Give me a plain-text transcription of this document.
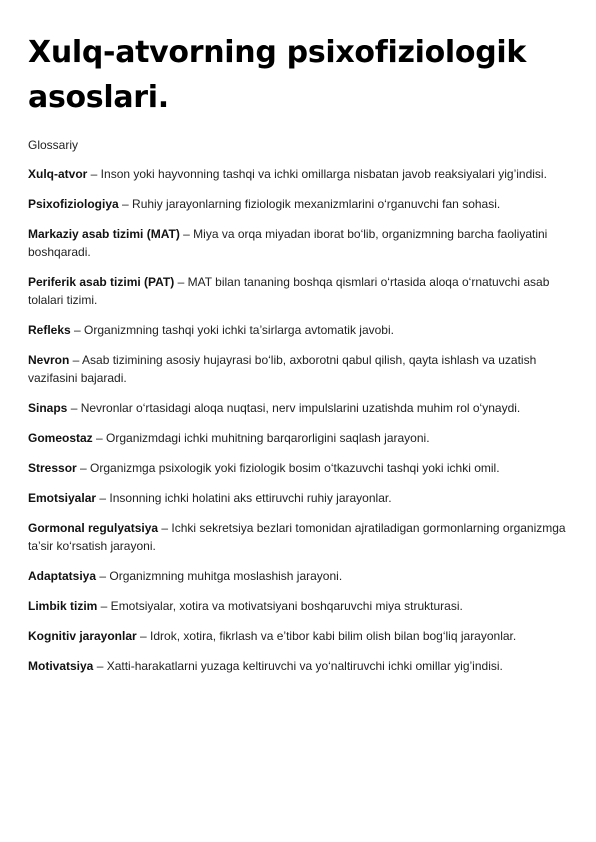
Xulq-atvorning psixofiziologik asoslari.

Glossariy

Xulq-atvor – Inson yoki hayvonning tashqi va ichki omillarga nisbatan javob reaksiyalari yig’indisi.
Psixofiziologiya – Ruhiy jarayonlarning fiziologik mexanizmlarini o‘rganuvchi fan sohasi.
Markaziy asab tizimi (MAT) – Miya va orqa miyadan iborat bo‘lib, organizmning barcha faoliyatini boshqaradi.
Periferik asab tizimi (PAT) – MAT bilan tananing boshqa qismlari o‘rtasida aloqa o‘rnatuvchi asab tolalari tizimi.
Refleks – Organizmning tashqi yoki ichki ta’sirlarga avtomatik javobi.
Nevron – Asab tizimining asosiy hujayrasi bo‘lib, axborotni qabul qilish, qayta ishlash va uzatish vazifasini bajaradi.
Sinaps – Nevronlar o‘rtasidagi aloqa nuqtasi, nerv impulslarini uzatishda muhim rol o‘ynaydi.
Gomeostaz – Organizmdagi ichki muhitning barqarorligini saqlash jarayoni.
Stressor – Organizmga psixologik yoki fiziologik bosim o‘tkazuvchi tashqi yoki ichki omil.
Emotsiyalar – Insonning ichki holatini aks ettiruvchi ruhiy jarayonlar.
Gormonal regulyatsiya – Ichki sekretsiya bezlari tomonidan ajratiladigan gormonlarning organizmga ta’sir ko‘rsatish jarayoni.
Adaptatsiya – Organizmning muhitga moslashish jarayoni.
Limbik tizim – Emotsiyalar, xotira va motivatsiyani boshqaruvchi miya strukturasi.
Kognitiv jarayonlar – Idrok, xotira, fikrlash va e’tibor kabi bilim olish bilan bog‘liq jarayonlar.
Motivatsiya – Xatti-harakatlarni yuzaga keltiruvchi va yo‘naltiruvchi ichki omillar yig’indisi.
